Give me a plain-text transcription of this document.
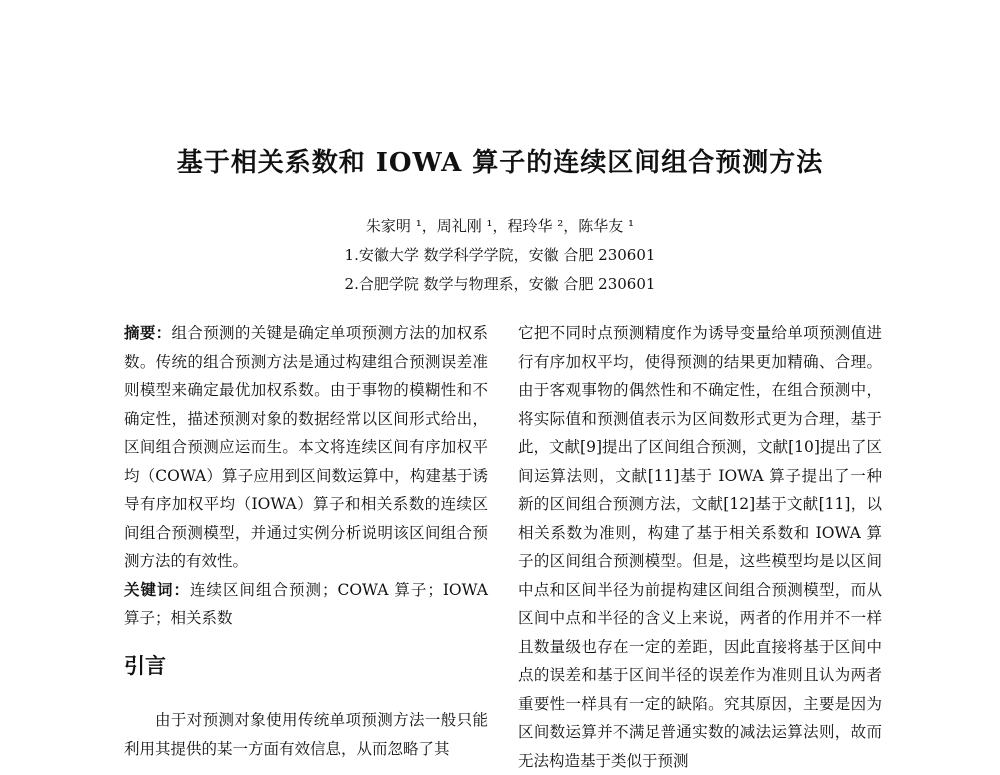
基于相关系数和 IOWA 算子的连续区间组合预测方法

朱家明 ¹，周礼刚 ¹，程玲华 ²，陈华友 ¹

1.安徽大学 数学科学学院，安徽 合肥 230601

2.合肥学院 数学与物理系，安徽 合肥 230601

摘要：组合预测的关键是确定单项预测方法的加权系数。传统的组合预测方法是通过构建组合预测误差准则模型来确定最优加权系数。由于事物的模糊性和不确定性，描述预测对象的数据经常以区间形式给出，区间组合预测应运而生。本文将连续区间有序加权平均（COWA）算子应用到区间数运算中，构建基于诱导有序加权平均（IOWA）算子和相关系数的连续区间组合预测模型，并通过实例分析说明该区间组合预测方法的有效性。

关键词：连续区间组合预测；COWA 算子；IOWA 算子；相关系数

引言

由于对预测对象使用传统单项预测方法一般只能利用其提供的某一方面有效信息，从而忽略了其

它把不同时点预测精度作为诱导变量给单项预测值进行有序加权平均，使得预测的结果更加精确、合理。由于客观事物的偶然性和不确定性，在组合预测中，将实际值和预测值表示为区间数形式更为合理，基于此，文献[9]提出了区间组合预测，文献[10]提出了区间运算法则，文献[11]基于 IOWA 算子提出了一种新的区间组合预测方法，文献[12]基于文献[11]，以相关系数为准则，构建了基于相关系数和 IOWA 算子的区间组合预测模型。但是，这些模型均是以区间中点和区间半径为前提构建区间组合预测模型，而从区间中点和半径的含义上来说，两者的作用并不一样且数量级也存在一定的差距，因此直接将基于区间中点的误差和基于区间半径的误差作为准则且认为两者重要性一样具有一定的缺陷。究其原因，主要是因为区间数运算并不满足普通实数的减法运算法则，故而无法构造基于类似于预测
